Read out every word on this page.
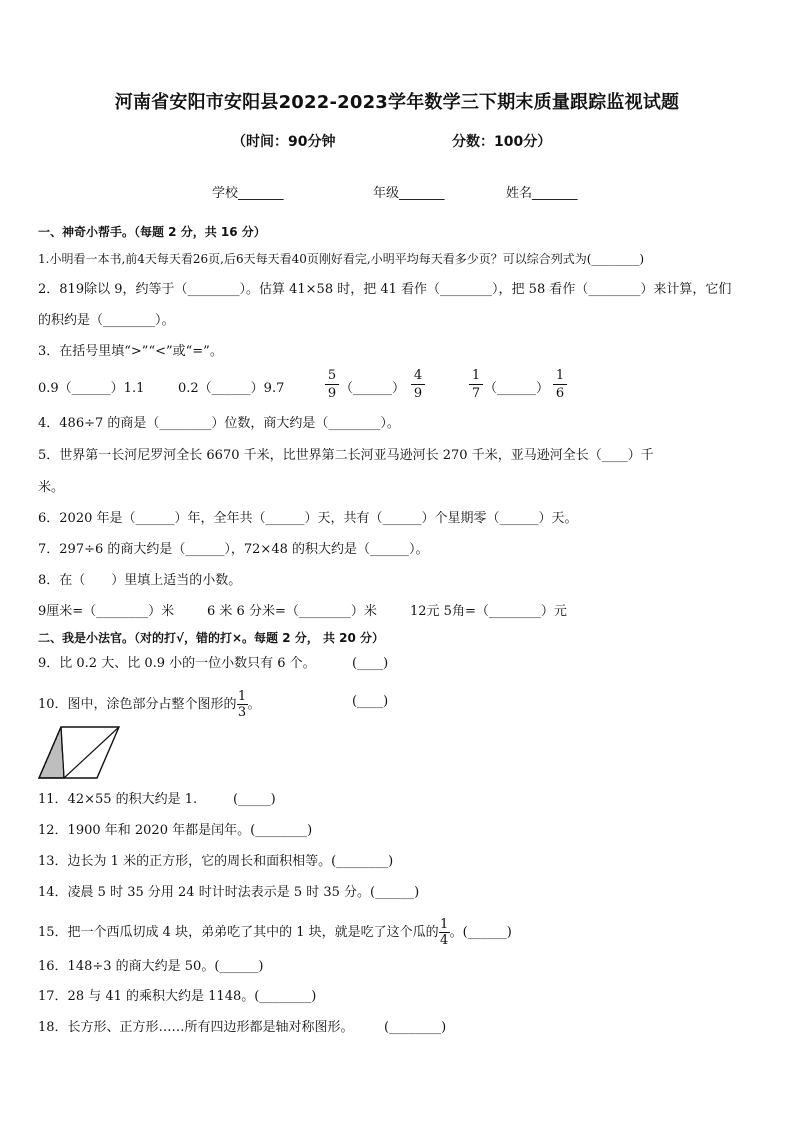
河南省安阳市安阳县2022-2023学年数学三下期末质量跟踪监视试题
（时间：90分钟	分数：100分）
学校_______	年级_______	姓名_______
一、神奇小帮手。（每题 2 分，共 16 分）
1.小明看一本书,前4天每天看26页,后6天每天看40页刚好看完,小明平均每天看多少页？可以综合列式为(________)
2．819除以 9，约等于（________）。估算 41×58 时，把 41 看作（________），把 58 看作（________）来计算，它们
的积约是（________）。
3．在括号里填“>”“<”或“=”。
0.9（______）1.1	0.2（______）9.7
5
9 （______）
4
9
1
7 （______）
1
6
4．486÷7 的商是（________）位数，商大约是（________）。
5．世界第一长河尼罗河全长 6670 千米，比世界第二长河亚马逊河长 270 千米，亚马逊河全长（____）千
米。
6．2020 年是（______）年，全年共（______）天，共有（______）个星期零（______）天。
7．297÷6 的商大约是（______），72×48 的积大约是（______）。
8．在（　　）里填上适当的小数。
9厘米=（________）米	6 米 6 分米=（________）米	12元 5角=（________）元
二、我是小法官。（对的打√，错的打×。每题 2 分， 共 20 分）
9．比 0.2 大、比 0.9 小的一位小数只有 6 个。	(____)
10．图中，涂色部分占整个图形的 $\frac{1}{3}$ 。	(____)
11．42×55 的积大约是 1.	(_____)
12．1900 年和 2020 年都是闰年。(________)
13．边长为 1 米的正方形，它的周长和面积相等。(________)
14．凌晨 5 时 35 分用 24 时计时法表示是 5 时 35 分。(______)
15．把一个西瓜切成 4 块，弟弟吃了其中的 1 块，就是吃了这个瓜的 $\frac{1}{4}$ 。(______)
16．148÷3 的商大约是 50。(______)
17．28 与 41 的乘积大约是 1148。(________)
18．长方形、正方形……所有四边形都是轴对称图形。 (________)
